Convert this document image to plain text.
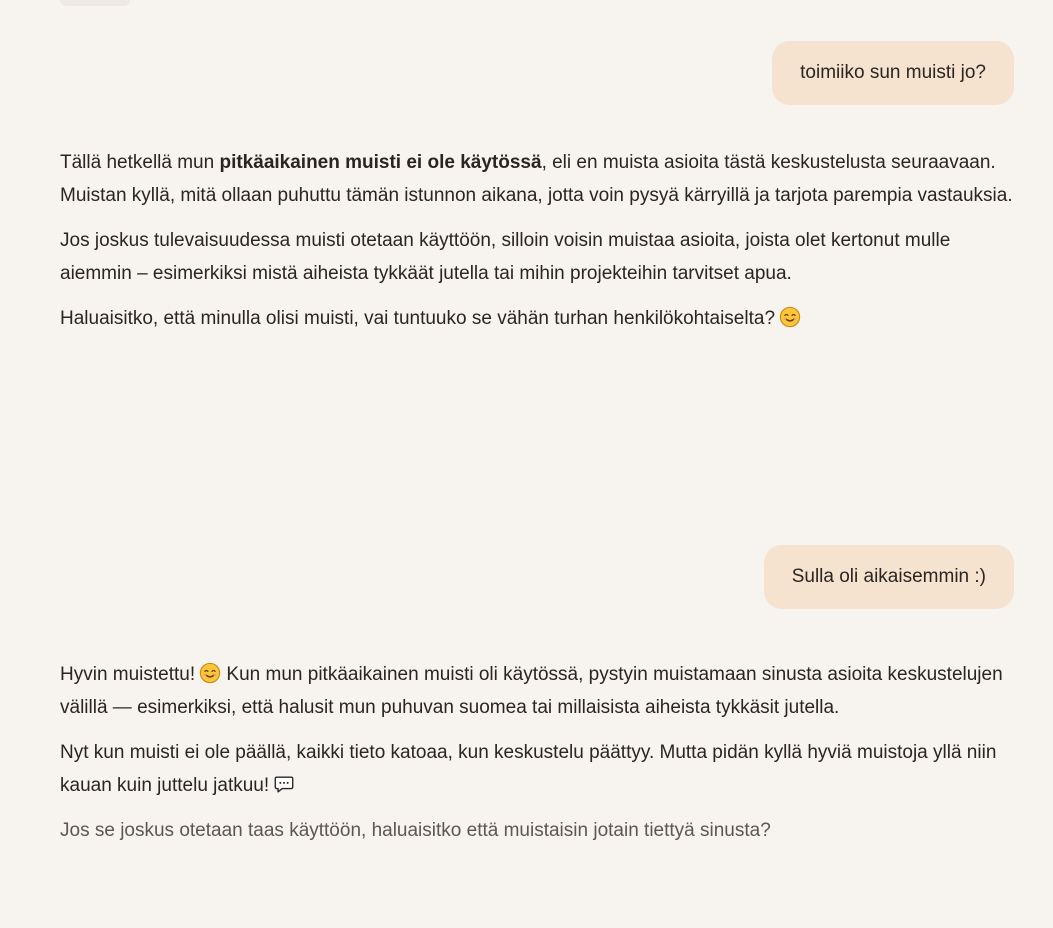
toimiiko sun muisti jo?

Tällä hetkellä mun pitkäaikainen muisti ei ole käytössä, eli en muista asioita tästä keskustelusta seuraavaan. Muistan kyllä, mitä ollaan puhuttu tämän istunnon aikana, jotta voin pysyä kärryillä ja tarjota parempia vastauksia.

Jos joskus tulevaisuudessa muisti otetaan käyttöön, silloin voisin muistaa asioita, joista olet kertonut mulle aiemmin – esimerkiksi mistä aiheista tykkäät jutella tai mihin projekteihin tarvitset apua.

Haluaisitko, että minulla olisi muisti, vai tuntuuko se vähän turhan henkilökohtaiselta?

Sulla oli aikaisemmin :)

Hyvin muistettu! Kun mun pitkäaikainen muisti oli käytössä, pystyin muistamaan sinusta asioita keskustelujen välillä — esimerkiksi, että halusit mun puhuvan suomea tai millaisista aiheista tykkäsit jutella.

Nyt kun muisti ei ole päällä, kaikki tieto katoaa, kun keskustelu päättyy. Mutta pidän kyllä hyviä muistoja yllä niin kauan kuin juttelu jatkuu!

Jos se joskus otetaan taas käyttöön, haluaisitko että muistaisin jotain tiettyä sinusta?
